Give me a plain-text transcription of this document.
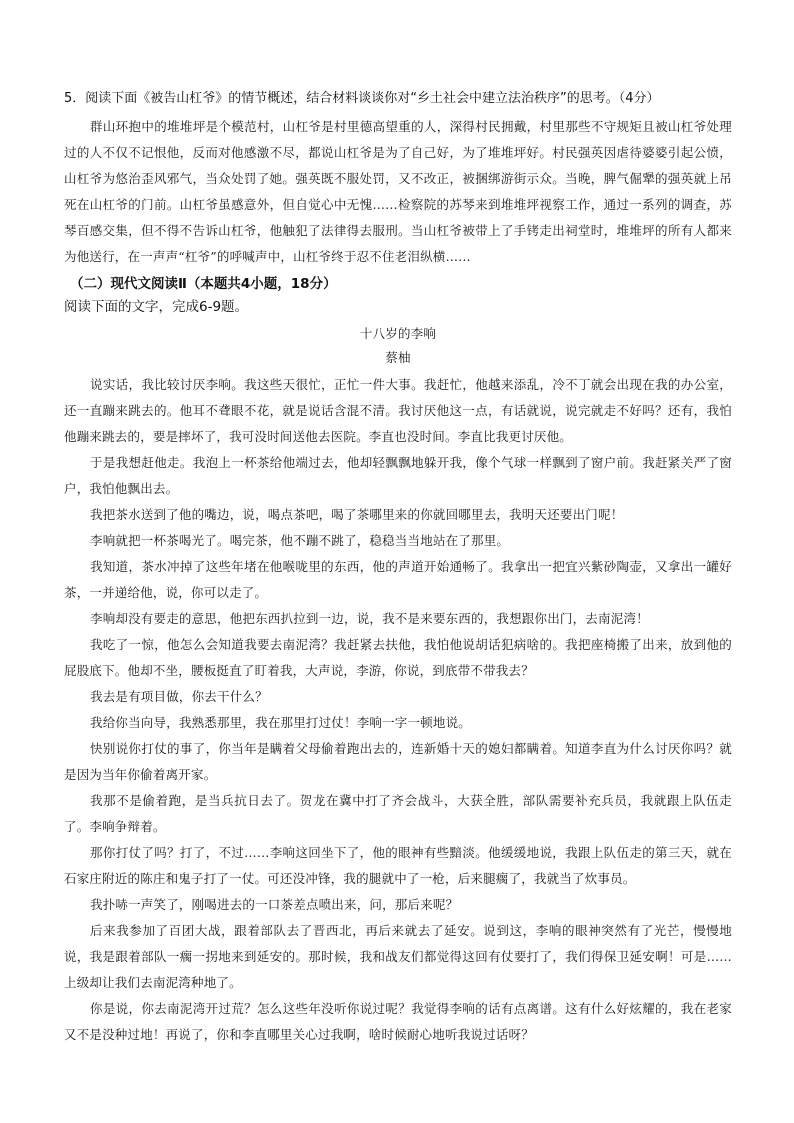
5．阅读下面《被告山杠爷》的情节概述，结合材料谈谈你对“乡土社会中建立法治秩序”的思考。（4分）

群山环抱中的堆堆坪是个模范村，山杠爷是村里德高望重的人，深得村民拥戴，村里那些不守规矩且被山杠爷处理过的人不仅不记恨他，反而对他感激不尽，都说山杠爷是为了自己好，为了堆堆坪好。村民强英因虐待婆婆引起公愤，山杠爷为悠治歪风邪气，当众处罚了她。强英既不服处罚，又不改正，被捆绑游街示众。当晚，脾气倔犟的强英就上吊死在山杠爷的门前。山杠爷虽感意外，但自觉心中无愧……检察院的苏琴来到堆堆坪视察工作，通过一系列的调查，苏琴百感交集，但不得不告诉山杠爷，他触犯了法律得去服刑。当山杠爷被带上了手铐走出祠堂时，堆堆坪的所有人都来为他送行，在一声声“杠爷”的呼喊声中，山杠爷终于忍不住老泪纵横……

（二）现代文阅读Ⅱ（本题共4小题，18分）
阅读下面的文字，完成6-9题。
十八岁的李响
蔡柚

说实话，我比较讨厌李响。我这些天很忙，正忙一件大事。我赶忙，他越来添乱，冷不丁就会出现在我的办公室，还一直蹦来跳去的。他耳不聋眼不花，就是说话含混不清。我讨厌他这一点，有话就说，说完就走不好吗？还有，我怕他蹦来跳去的，要是摔坏了，我可没时间送他去医院。李直也没时间。李直比我更讨厌他。

于是我想赶他走。我泡上一杯茶给他端过去，他却轻飘飘地躲开我，像个气球一样飘到了窗户前。我赶紧关严了窗户，我怕他飘出去。

我把茶水送到了他的嘴边，说，喝点茶吧，喝了茶哪里来的你就回哪里去，我明天还要出门呢！

李响就把一杯茶喝光了。喝完茶，他不蹦不跳了，稳稳当当地站在了那里。

我知道，茶水冲掉了这些年堵在他喉咙里的东西，他的声道开始通畅了。我拿出一把宜兴紫砂陶壶，又拿出一罐好茶，一并递给他，说，你可以走了。

李响却没有要走的意思，他把东西扒拉到一边，说，我不是来要东西的，我想跟你出门，去南泥湾！

我吃了一惊，他怎么会知道我要去南泥湾？我赶紧去扶他，我怕他说胡话犯病啥的。我把座椅搬了出来，放到他的屁股底下。他却不坐，腰板挺直了盯着我，大声说，李游，你说，到底带不带我去？

我去是有项目做，你去干什么？

我给你当向导，我熟悉那里，我在那里打过仗！李响一字一顿地说。

快别说你打仗的事了，你当年是瞒着父母偷着跑出去的，连新婚十天的媳妇都瞒着。知道李直为什么讨厌你吗？就是因为当年你偷着离开家。

我那不是偷着跑，是当兵抗日去了。贺龙在冀中打了齐会战斗，大获全胜，部队需要补充兵员，我就跟上队伍走了。李响争辩着。

那你打仗了吗？打了，不过……李响这回坐下了，他的眼神有些黯淡。他缓缓地说，我跟上队伍走的第三天，就在石家庄附近的陈庄和鬼子打了一仗。可还没冲锋，我的腿就中了一枪，后来腿瘸了，我就当了炊事员。

我扑哧一声笑了，刚喝进去的一口茶差点喷出来，问，那后来呢？

后来我参加了百团大战，跟着部队去了晋西北，再后来就去了延安。说到这，李响的眼神突然有了光芒，慢慢地说，我是跟着部队一瘸一拐地来到延安的。那时候，我和战友们都觉得这回有仗要打了，我们得保卫延安啊！可是……上级却让我们去南泥湾种地了。

你是说，你去南泥湾开过荒？怎么这些年没听你说过呢？我觉得李响的话有点离谱。这有什么好炫耀的，我在老家又不是没种过地！再说了，你和李直哪里关心过我啊，啥时候耐心地听我说过话呀？
